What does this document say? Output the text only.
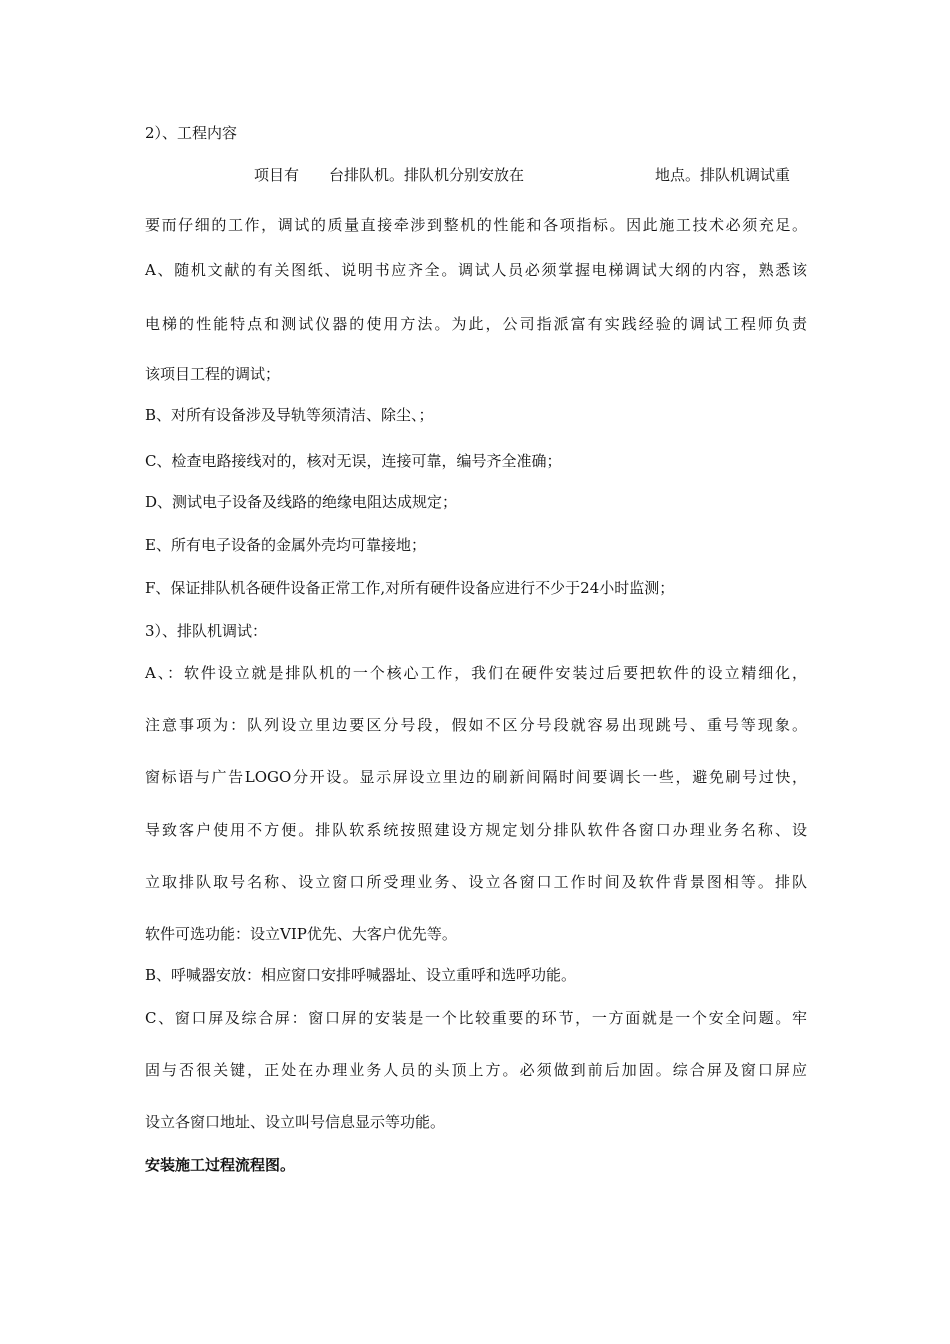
2）、工程内容
项目有 台排队机。排队机分别安放在	地点。排队机调试重
要而仔细的工作，调试的质量直接牵涉到整机的性能和各项指标。因此施工技术必须充足。
A、随机文献的有关图纸、说明书应齐全。调试人员必须掌握电梯调试大纲的内容，熟悉该
电梯的性能特点和测试仪器的使用方法。为此，公司指派富有实践经验的调试工程师负责
该项目工程的调试；
B、对所有设备涉及导轨等须清洁、除尘、；
C、检查电路接线对的，核对无误，连接可靠，编号齐全准确；
D、测试电子设备及线路的绝缘电阻达成规定；
E、所有电子设备的金属外壳均可靠接地；
F、保证排队机各硬件设备正常工作,对所有硬件设备应进行不少于24小时监测；
3）、排队机调试：
A、：软件设立就是排队机的一个核心工作，我们在硬件安装过后要把软件的设立精细化，
注意事项为：队列设立里边要区分号段，假如不区分号段就容易出现跳号、重号等现象。
窗标语与广告LOGO分开设。显示屏设立里边的刷新间隔时间要调长一些，避免刷号过快，
导致客户使用不方便。排队软系统按照建设方规定划分排队软件各窗口办理业务名称、设
立取排队取号名称、设立窗口所受理业务、设立各窗口工作时间及软件背景图相等。排队
软件可选功能：设立VIP优先、大客户优先等。
B、呼喊器安放：相应窗口安排呼喊器址、设立重呼和选呼功能。
C、窗口屏及综合屏：窗口屏的安装是一个比较重要的环节，一方面就是一个安全问题。牢
固与否很关键，正处在办理业务人员的头顶上方。必须做到前后加固。综合屏及窗口屏应
设立各窗口地址、设立叫号信息显示等功能。
安装施工过程流程图。
